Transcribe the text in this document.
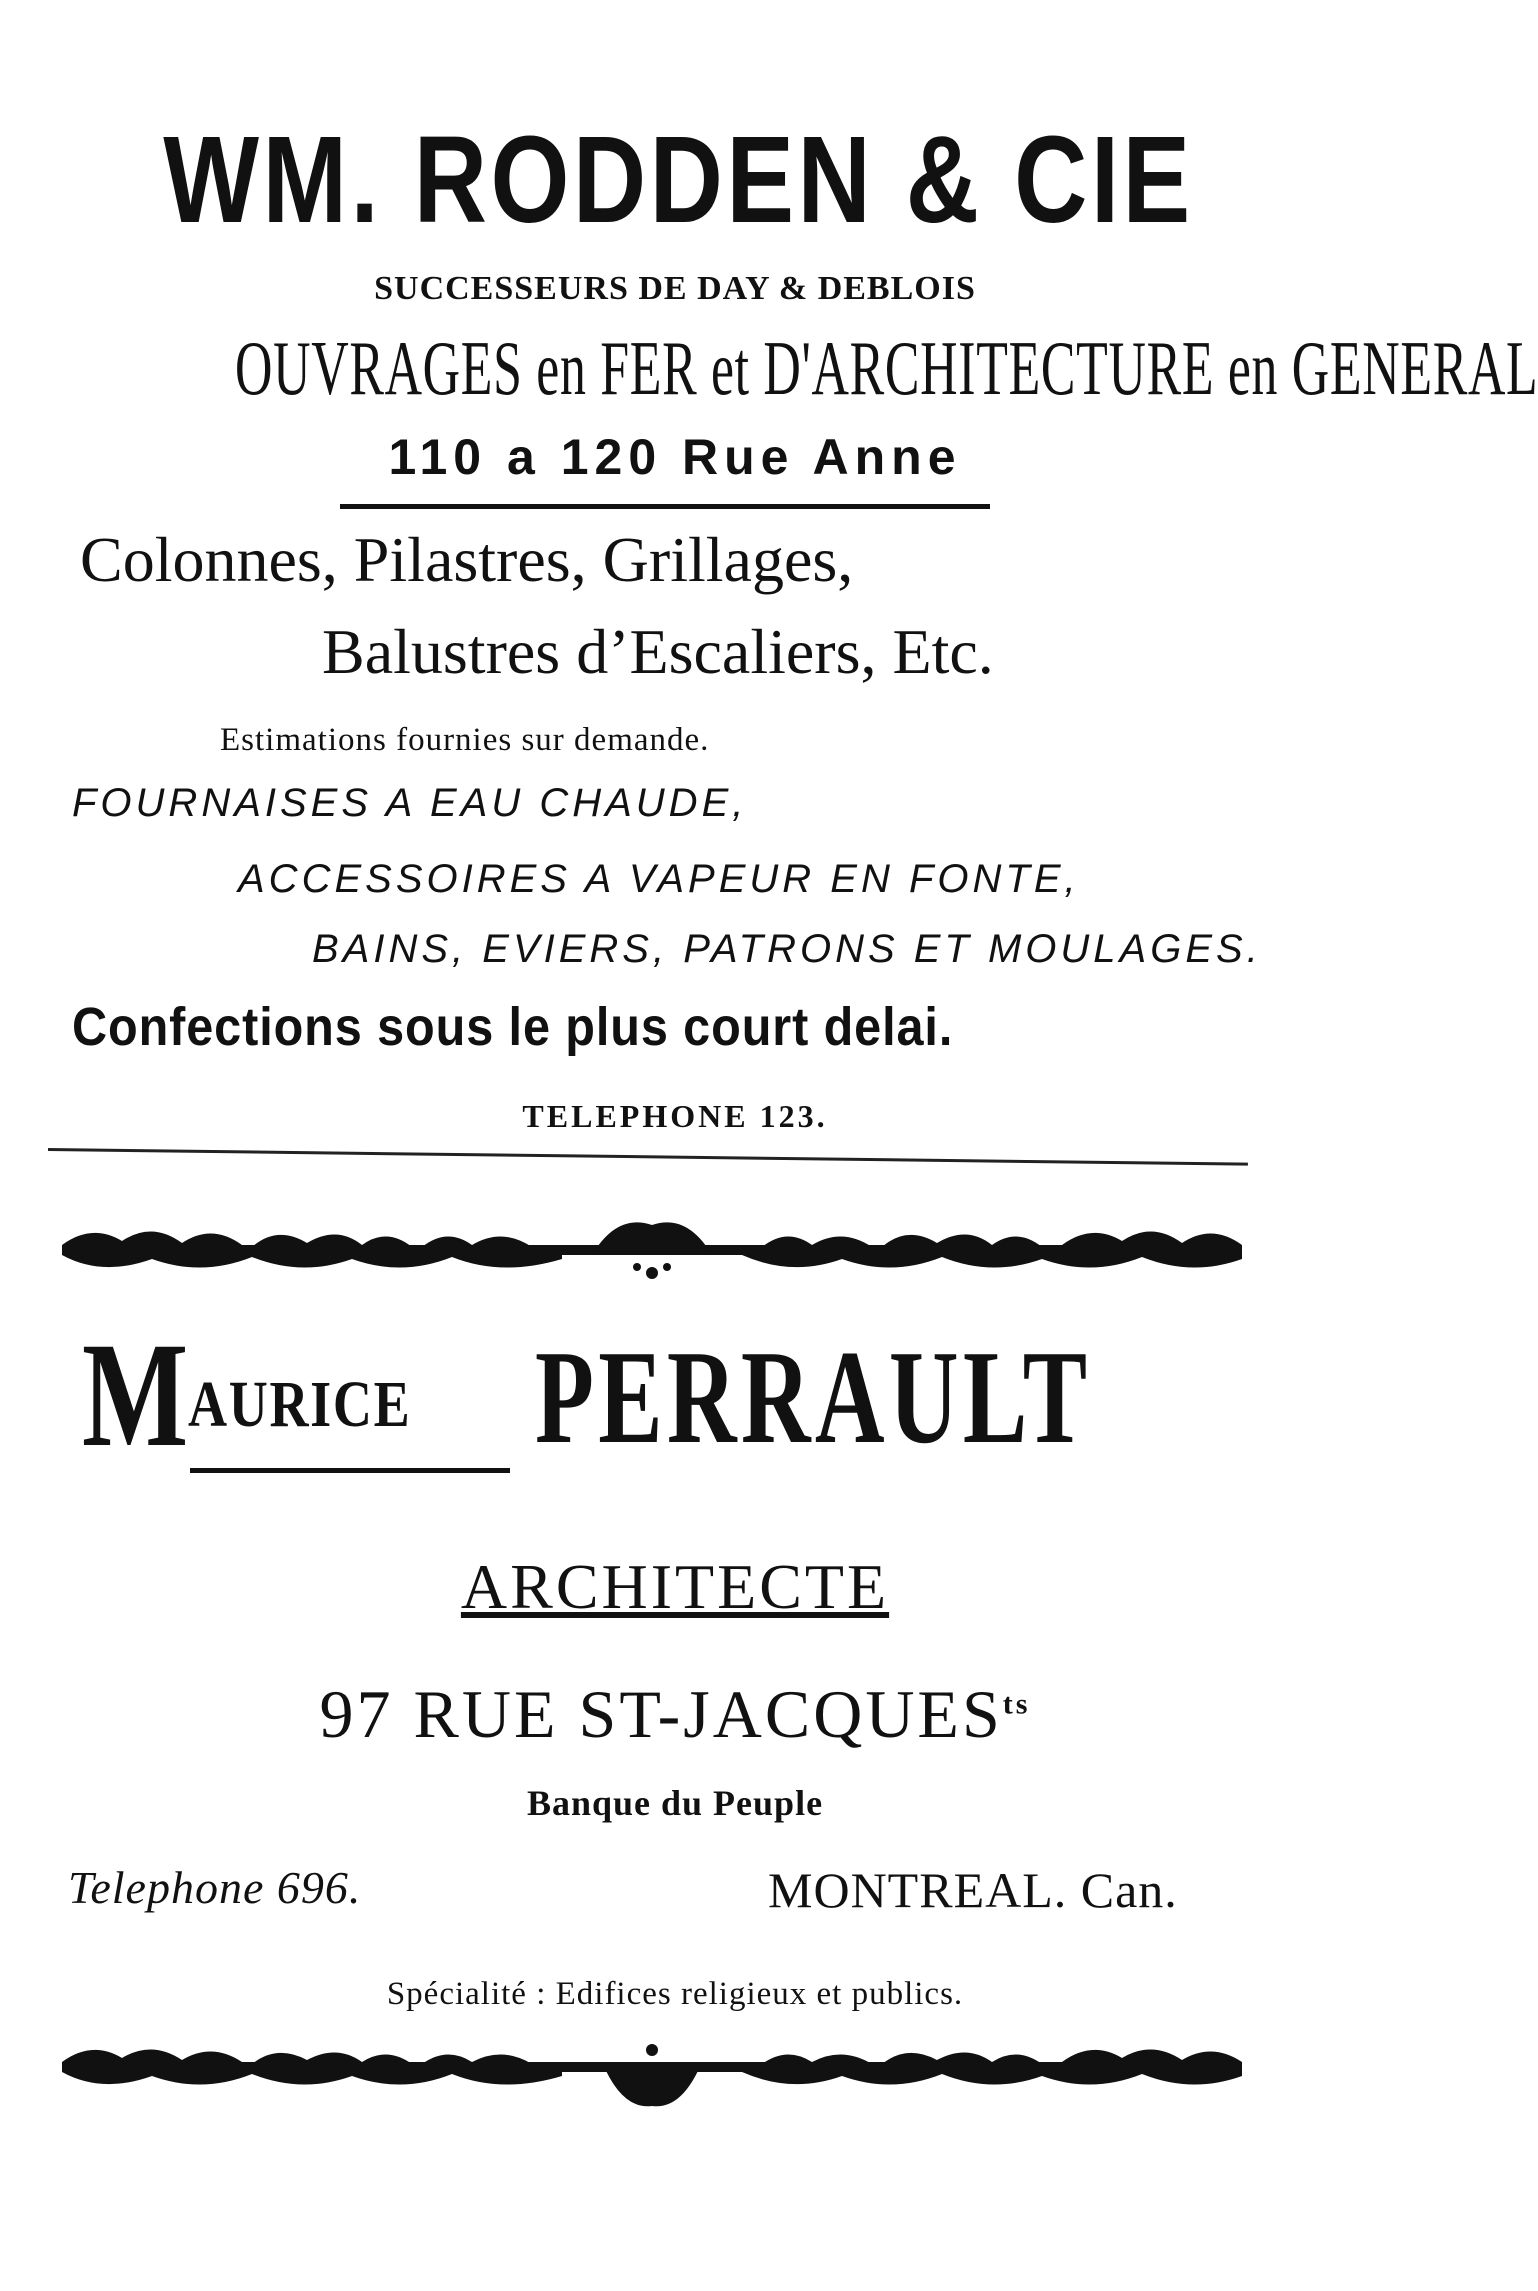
WM. RODDEN & CIE
SUCCESSEURS DE DAY & DEBLOIS
OUVRAGES en FER et D'ARCHITECTURE en GENERAL
110 a 120 Rue Anne
Colonnes, Pilastres, Grillages,
Balustres d’Escaliers, Etc.
Estimations fournies sur demande.
FOURNAISES A EAU CHAUDE,
ACCESSOIRES A VAPEUR EN FONTE,
BAINS, EVIERS, PATRONS ET MOULAGES.
Confections sous le plus court delai.
TELEPHONE 123.
M AURICE PERRAULT
ARCHITECTE
97 RUE $ST-JACQUES^{ts}$
Banque du Peuple
Telephone 696.	MONTREAL. Can.
Spécialité : Edifices religieux et publics.
